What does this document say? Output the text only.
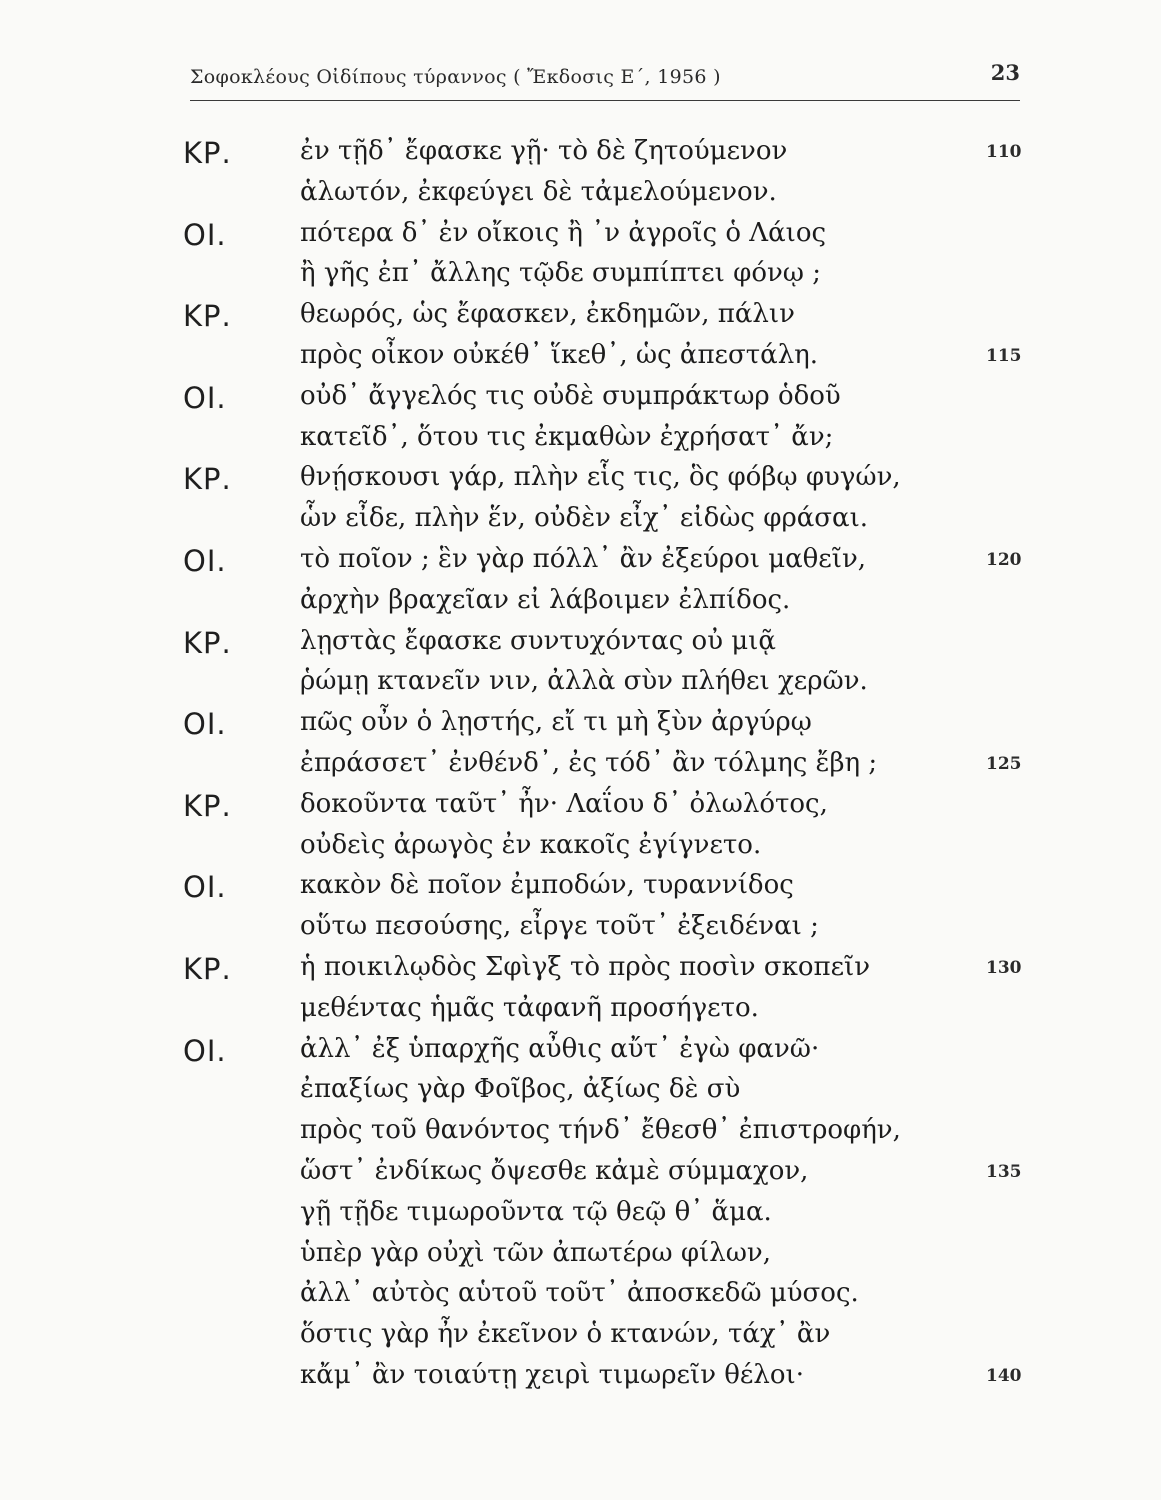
Σοφοκλέους Οἰδίπους τύραννος ( Ἔκδοσις Ε΄, 1956 )	23
ΚΡ.	ἐν τῇδ᾽ ἔφασκε γῇ· τὸ δὲ ζητούμενον	110
ἁλωτόν, ἐκφεύγει δὲ τἀμελούμενον.
ΟΙ.	πότερα δ᾽ ἐν οἴκοις ἢ ᾽ν ἀγροῖς ὁ Λάιος
ἢ γῆς ἐπ᾽ ἄλλης τῷδε συμπίπτει φόνῳ ;
ΚΡ.	θεωρός, ὡς ἔφασκεν, ἐκδημῶν, πάλιν
πρὸς οἶκον οὐκέθ᾽ ἵκεθ᾽, ὡς ἀπεστάλη.	115
ΟΙ.	οὐδ᾽ ἄγγελός τις οὐδὲ συμπράκτωρ ὁδοῦ
κατεῖδ᾽, ὅτου τις ἐκμαθὼν ἐχρήσατ᾽ ἄν;
ΚΡ.	θνῄσκουσι γάρ, πλὴν εἷς τις, ὃς φόβῳ φυγών,
ὧν εἶδε, πλὴν ἕν, οὐδὲν εἶχ᾽ εἰδὼς φράσαι.
ΟΙ.	τὸ ποῖον ; ἓν γὰρ πόλλ᾽ ἂν ἐξεύροι μαθεῖν,	120
ἀρχὴν βραχεῖαν εἰ λάβοιμεν ἐλπίδος.
ΚΡ.	λῃστὰς ἔφασκε συντυχόντας οὐ μιᾷ
ῥώμῃ κτανεῖν νιν, ἀλλὰ σὺν πλήθει χερῶν.
ΟΙ.	πῶς οὖν ὁ λῃστής, εἴ τι μὴ ξὺν ἀργύρῳ
ἐπράσσετ᾽ ἐνθένδ᾽, ἐς τόδ᾽ ἂν τόλμης ἔβη ;	125
ΚΡ.	δοκοῦντα ταῦτ᾽ ἦν· Λαΐου δ᾽ ὀλωλότος,
οὐδεὶς ἀρωγὸς ἐν κακοῖς ἐγίγνετο.
ΟΙ.	κακὸν δὲ ποῖον ἐμποδών, τυραννίδος
οὕτω πεσούσης, εἶργε τοῦτ᾽ ἐξειδέναι ;
ΚΡ.	ἡ ποικιλῳδὸς Σφὶγξ τὸ πρὸς ποσὶν σκοπεῖν	130
μεθέντας ἡμᾶς τἀφανῆ προσήγετο.
ΟΙ.	ἀλλ᾽ ἐξ ὑπαρχῆς αὖθις αὔτ᾽ ἐγὼ φανῶ·
ἐπαξίως γὰρ Φοῖβος, ἀξίως δὲ σὺ
πρὸς τοῦ θανόντος τήνδ᾽ ἔθεσθ᾽ ἐπιστροφήν,
ὥστ᾽ ἐνδίκως ὄψεσθε κἀμὲ σύμμαχον,	135
γῇ τῇδε τιμωροῦντα τῷ θεῷ θ᾽ ἅμα.
ὑπὲρ γὰρ οὐχὶ τῶν ἀπωτέρω φίλων,
ἀλλ᾽ αὐτὸς αὑτοῦ τοῦτ᾽ ἀποσκεδῶ μύσος.
ὅστις γὰρ ἦν ἐκεῖνον ὁ κτανών, τάχ᾽ ἂν
κἄμ᾽ ἂν τοιαύτῃ χειρὶ τιμωρεῖν θέλοι·	140
